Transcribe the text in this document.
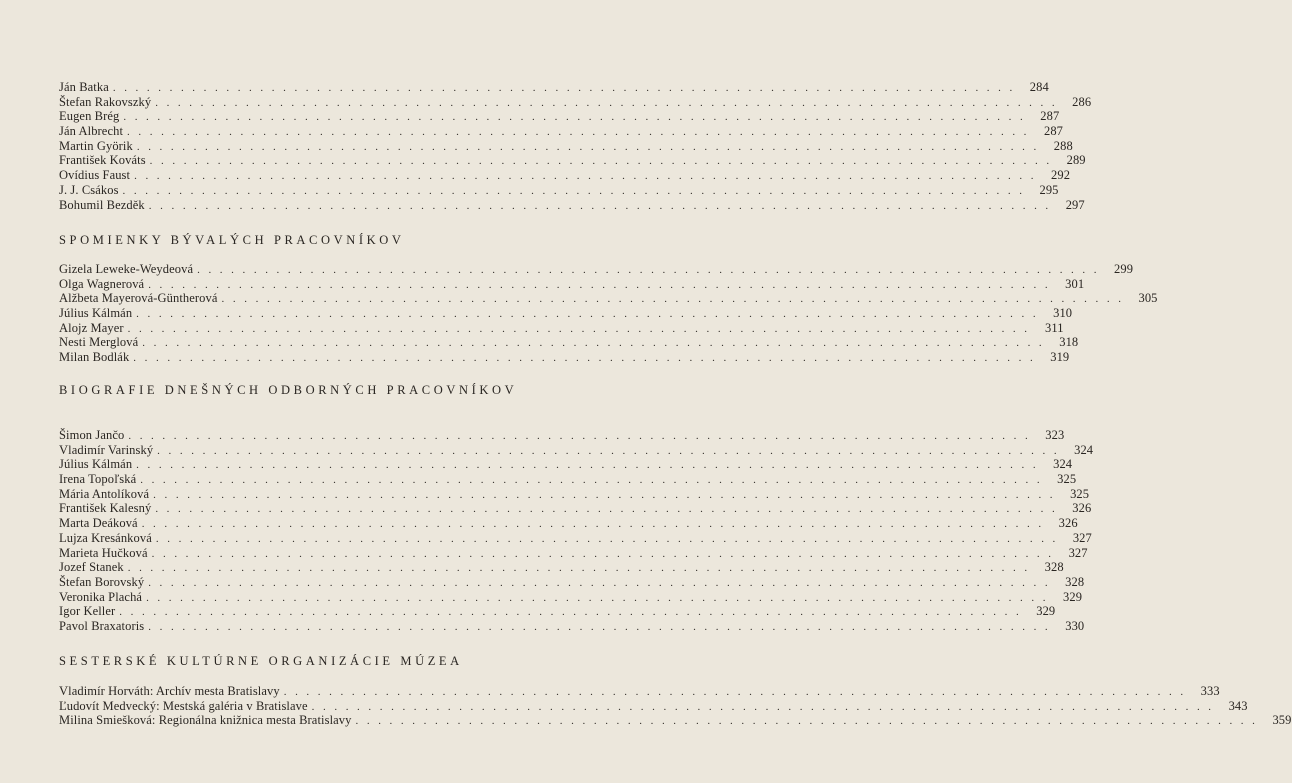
Ján Batka ................................................................................ 284
Štefan Rakovszký ................................................................................ 286
Eugen Brég ................................................................................ 287
Ján Albrecht ................................................................................ 287
Martin Györik ................................................................................ 288
František Kováts ................................................................................ 289
Ovídius Faust ................................................................................ 292
J. J. Csákos ................................................................................ 295
Bohumil Bezděk ................................................................................ 297
SPOMIENKY BÝVALÝCH PRACOVNÍKOV
Gizela Leweke-Weydeová ................................................................................ 299
Olga Wagnerová ................................................................................ 301
Alžbeta Mayerová-Güntherová ................................................................................ 305
Július Kálmán ................................................................................ 310
Alojz Mayer ................................................................................ 311
Nesti Merglová ................................................................................ 318
Milan Bodlák ................................................................................ 319
BIOGRAFIE DNEŠNÝCH ODBORNÝCH PRACOVNÍKOV
Šimon Jančo ................................................................................ 323
Vladimír Varinský ................................................................................ 324
Július Kálmán ................................................................................ 324
Irena Topoľská ................................................................................ 325
Mária Antolíková ................................................................................ 325
František Kalesný ................................................................................ 326
Marta Deáková ................................................................................ 326
Lujza Kresánková ................................................................................ 327
Marieta Hučková ................................................................................ 327
Jozef Stanek ................................................................................ 328
Štefan Borovský ................................................................................ 328
Veronika Plachá ................................................................................ 329
Igor Keller ................................................................................ 329
Pavol Braxatoris ................................................................................ 330
SESTERSKÉ KULTÚRNE ORGANIZÁCIE MÚZEA
Vladimír Horváth: Archív mesta Bratislavy ................................................................................ 333
Ľudovít Medvecký: Mestská galéria v Bratislave ................................................................................ 343
Milina Smiešková: Regionálna knižnica mesta Bratislavy ................................................................................ 359
